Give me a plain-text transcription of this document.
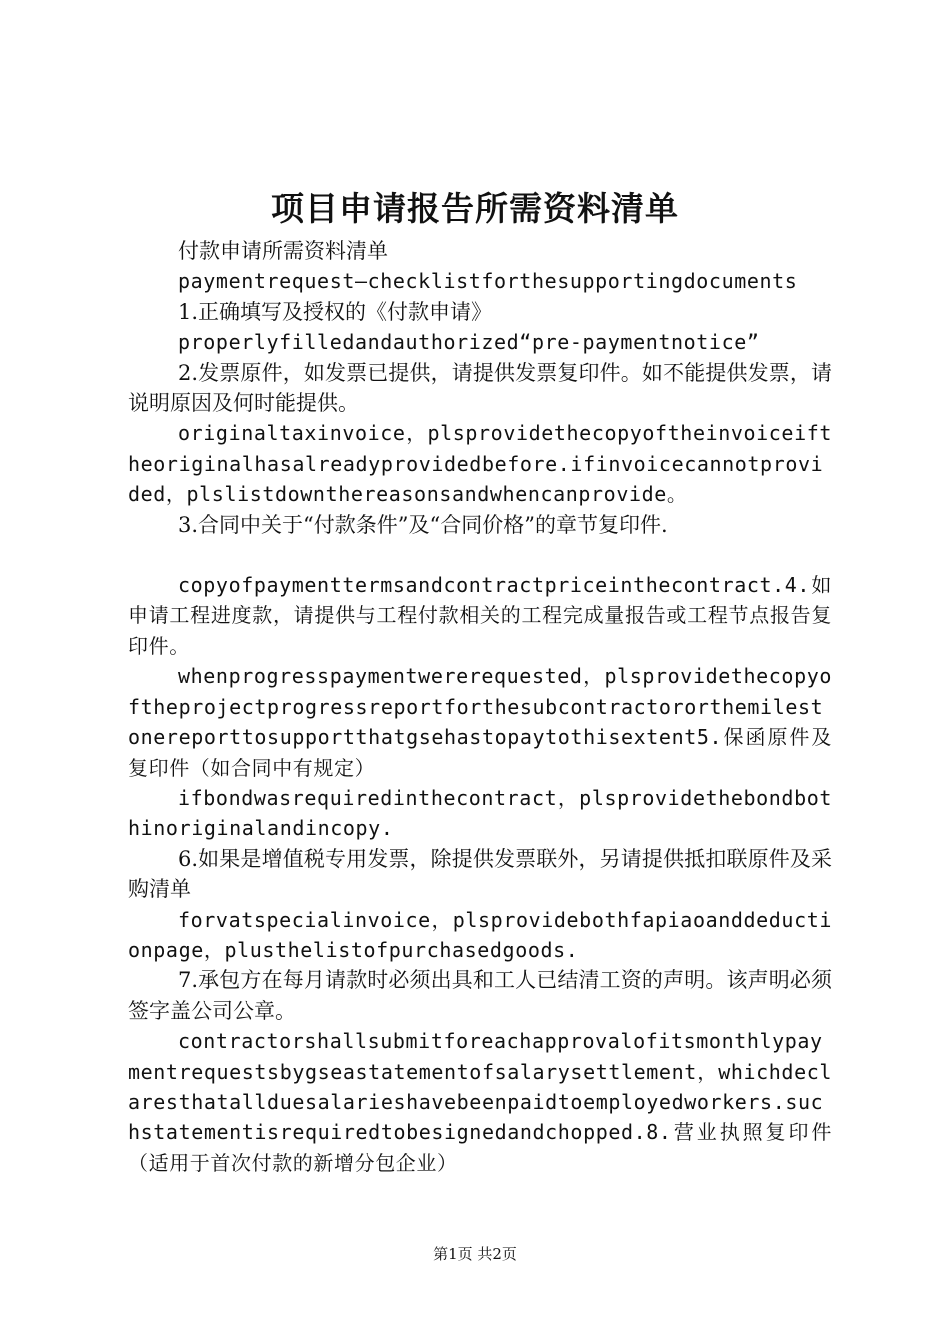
项目申请报告所需资料清单

付款申请所需资料清单

paymentrequest–checklistforthesupportingdocuments

1.正确填写及授权的《付款申请》

properlyfilledandauthorized“pre-paymentnotice”

2.发票原件，如发票已提供，请提供发票复印件。如不能提供发票，请说明原因及何时能提供。

originaltaxinvoice，plsprovidethecopyoftheinvoiceiftheoriginalhasalreadyprovidedbefore.ifinvoicecannotprovided，plslistdownthereasonsandwhencanprovide。

3.合同中关于“付款条件”及“合同价格”的章节复印件.

copyofpaymenttermsandcontractpriceinthecontract.4.如申请工程进度款，请提供与工程付款相关的工程完成量报告或工程节点报告复印件。

whenprogresspaymentwererequested，plsprovidethecopyoftheprojectprogressreportforthesubcontractororthemilestonereporttosupportthatgsehastopaytothisextent5.保函原件及复印件（如合同中有规定）

ifbondwasrequiredinthecontract，plsprovidethebondbothinoriginalandincopy.

6.如果是增值税专用发票，除提供发票联外，另请提供抵扣联原件及采购清单

forvatspecialinvoice，plsprovidebothfapiaoanddeductionpage，plusthelistofpurchasedgoods.

7.承包方在每月请款时必须出具和工人已结清工资的声明。该声明必须签字盖公司公章。

contractorshallsubmitforeachapprovalofitsmonthlypaymentrequestsbygseastatementofsalarysettlement，whichdeclaresthatallduesalarieshavebeenpaidtoemployedworkers.suchstatementisrequiredtobesignedandchopped.8.营业执照复印件（适用于首次付款的新增分包企业）

第1页 共2页
